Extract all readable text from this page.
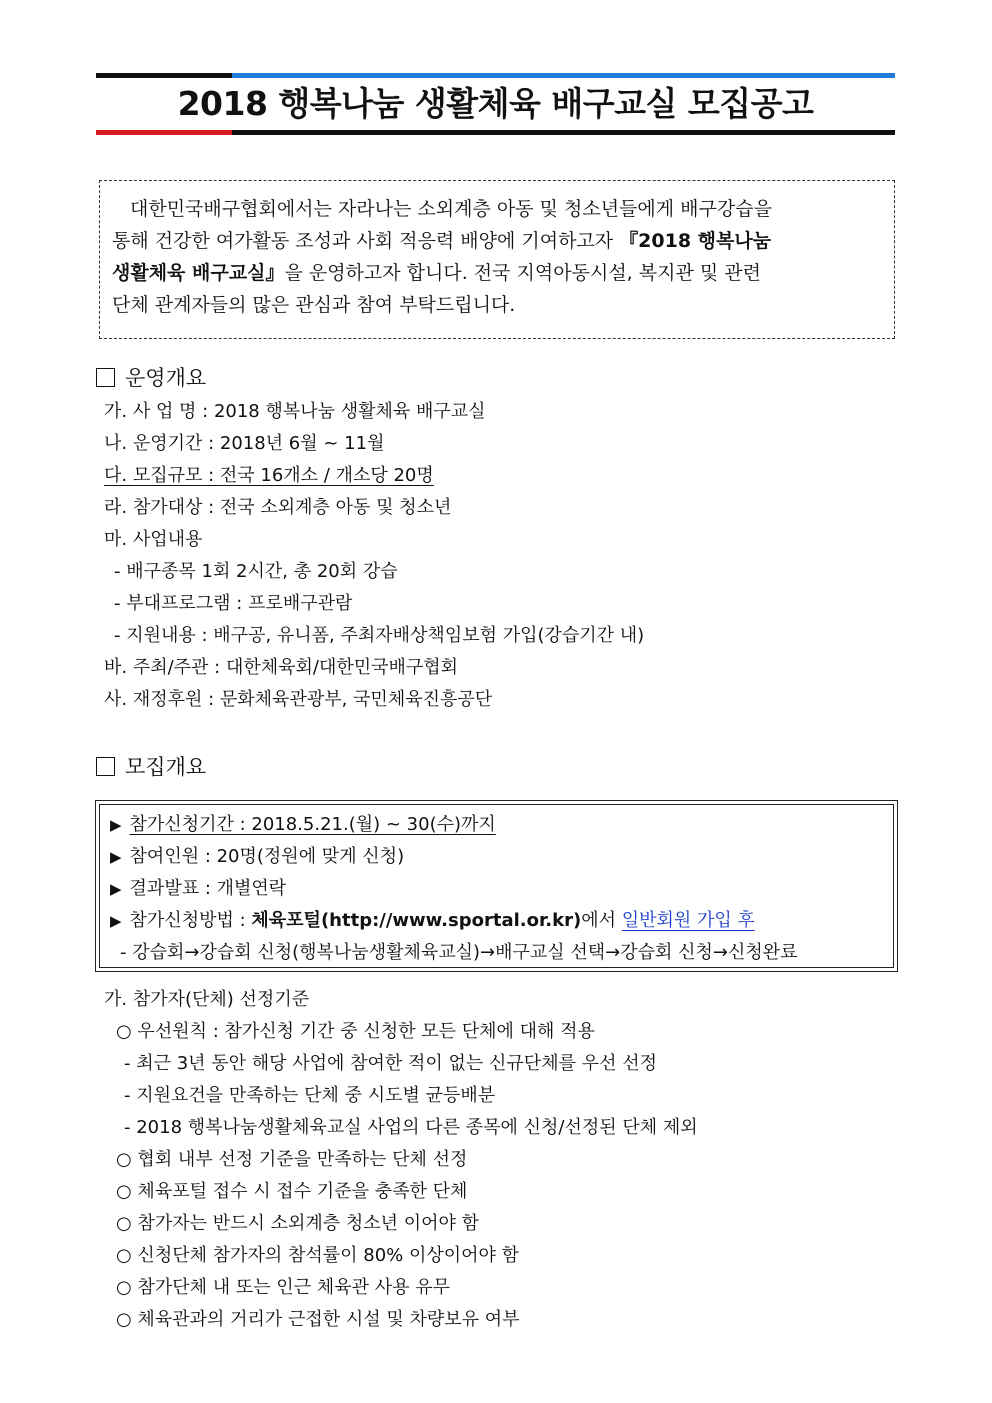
2018 행복나눔 생활체육 배구교실 모집공고

대한민국배구협회에서는 자라나는 소외계층 아동 및 청소년들에게 배구강습을
통해 건강한 여가활동 조성과 사회 적응력 배양에 기여하고자 『2018 행복나눔
생활체육 배구교실』을 운영하고자 합니다. 전국 지역아동시설, 복지관 및 관련
단체 관계자들의 많은 관심과 참여 부탁드립니다.

운영개요
가. 사 업 명 : 2018 행복나눔 생활체육 배구교실
나. 운영기간 : 2018년 6월 ~ 11월
다. 모집규모 : 전국 16개소 / 개소당 20명
라. 참가대상 : 전국 소외계층 아동 및 청소년
마. 사업내용
- 배구종목 1회 2시간, 총 20회 강습
- 부대프로그램 : 프로배구관람
- 지원내용 : 배구공, 유니폼, 주최자배상책임보험 가입(강습기간 내)
바. 주최/주관 : 대한체육회/대한민국배구협회
사. 재정후원 : 문화체육관광부, 국민체육진흥공단
모집개요
▶ 참가신청기간 : 2018.5.21.(월) ~ 30(수)까지
▶ 참여인원 : 20명(정원에 맞게 신청)
▶ 결과발표 : 개별연락
▶ 참가신청방법 : 체육포털(http://www.sportal.or.kr)에서 일반회원 가입 후
- 강습회→강습회 신청(행복나눔생활체육교실)→배구교실 선택→강습회 신청→신청완료
가. 참가자(단체) 선정기준
○ 우선원칙 : 참가신청 기간 중 신청한 모든 단체에 대해 적용
- 최근 3년 동안 해당 사업에 참여한 적이 없는 신규단체를 우선 선정
- 지원요건을 만족하는 단체 중 시도별 균등배분
- 2018 행복나눔생활체육교실 사업의 다른 종목에 신청/선정된 단체 제외
○ 협회 내부 선정 기준을 만족하는 단체 선정
○ 체육포털 접수 시 접수 기준을 충족한 단체
○ 참가자는 반드시 소외계층 청소년 이어야 함
○ 신청단체 참가자의 참석률이 80% 이상이어야 함
○ 참가단체 내 또는 인근 체육관 사용 유무
○ 체육관과의 거리가 근접한 시설 및 차량보유 여부
